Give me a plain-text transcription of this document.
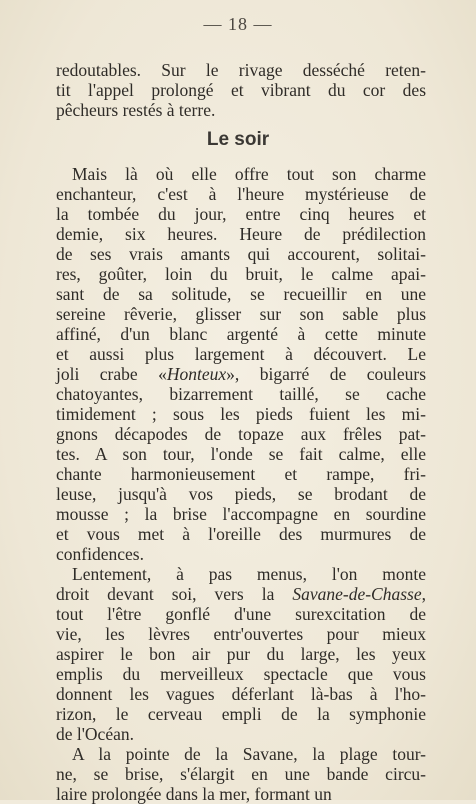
— 18 —
redoutables. Sur le rivage desséché reten-
tit l'appel prolongé et vibrant du cor des
pêcheurs restés à terre.
Le soir
Mais là où elle offre tout son charme
enchanteur, c'est à l'heure mystérieuse de
la tombée du jour, entre cinq heures et
demie, six heures. Heure de prédilection
de ses vrais amants qui accourent, solitai-
res, goûter, loin du bruit, le calme apai-
sant de sa solitude, se recueillir en une
sereine rêverie, glisser sur son sable plus
affiné, d'un blanc argenté à cette minute
et aussi plus largement à découvert. Le
joli crabe «Honteux», bigarré de couleurs
chatoyantes, bizarrement taillé, se cache
timidement ; sous les pieds fuient les mi-
gnons décapodes de topaze aux frêles pat-
tes. A son tour, l'onde se fait calme, elle
chante harmonieusement et rampe, fri-
leuse, jusqu'à vos pieds, se brodant de
mousse ; la brise l'accompagne en sourdine
et vous met à l'oreille des murmures de
confidences.
Lentement, à pas menus, l'on monte
droit devant soi, vers la Savane-de-Chasse,
tout l'être gonflé d'une surexcitation de
vie, les lèvres entr'ouvertes pour mieux
aspirer le bon air pur du large, les yeux
emplis du merveilleux spectacle que vous
donnent les vagues déferlant là-bas à l'ho-
rizon, le cerveau empli de la symphonie
de l'Océan.
A la pointe de la Savane, la plage tour-
ne, se brise, s'élargit en une bande circu-
laire prolongée dans la mer, formant un
